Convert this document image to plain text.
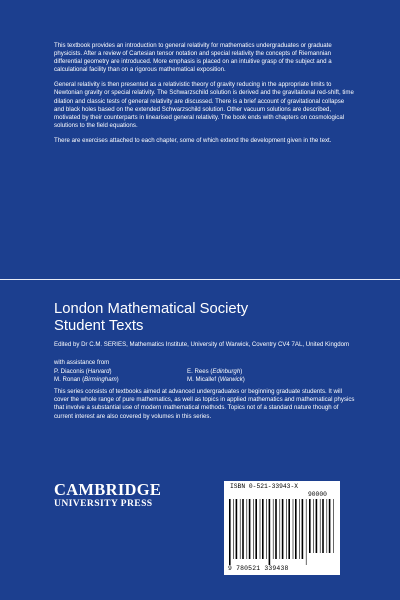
This textbook provides an introduction to general relativity for mathematics undergraduates or graduate physicists. After a review of Cartesian tensor notation and special relativity the concepts of Riemannian differential geometry are introduced. More emphasis is placed on an intuitive grasp of the subject and a calculational facility than on a rigorous mathematical exposition.

General relativity is then presented as a relativistic theory of gravity reducing in the appropriate limits to Newtonian gravity or special relativity. The Schwarzschild solution is derived and the gravitational red-shift, time dilation and classic tests of general relativity are discussed. There is a brief account of gravitational collapse and black holes based on the extended Schwarzschild solution. Other vacuum solutions are described, motivated by their counterparts in linearised general relativity. The book ends with chapters on cosmological solutions to the field equations.

There are exercises attached to each chapter, some of which extend the development given in the text.

London Mathematical Society
Student Texts
Edited by Dr C.M. SERIES, Mathematics Institute, University of Warwick, Coventry CV4 7AL, United Kingdom
with assistance from
P. Diaconis (Harvard)	E. Rees (Edinburgh)
M. Ronan (Birmingham)	M. Micallef (Warwick)
This series consists of textbooks aimed at advanced undergraduates or beginning graduate students. It will cover the whole range of pure mathematics, as well as topics in applied mathematics and mathematical physics that involve a substantial use of modern mathematical methods. Topics not of a standard nature though of current interest are also covered by volumes in this series.
CAMBRIDGE
UNIVERSITY PRESS
ISBN 0-521-33943-X
90000
9 780521 339438
